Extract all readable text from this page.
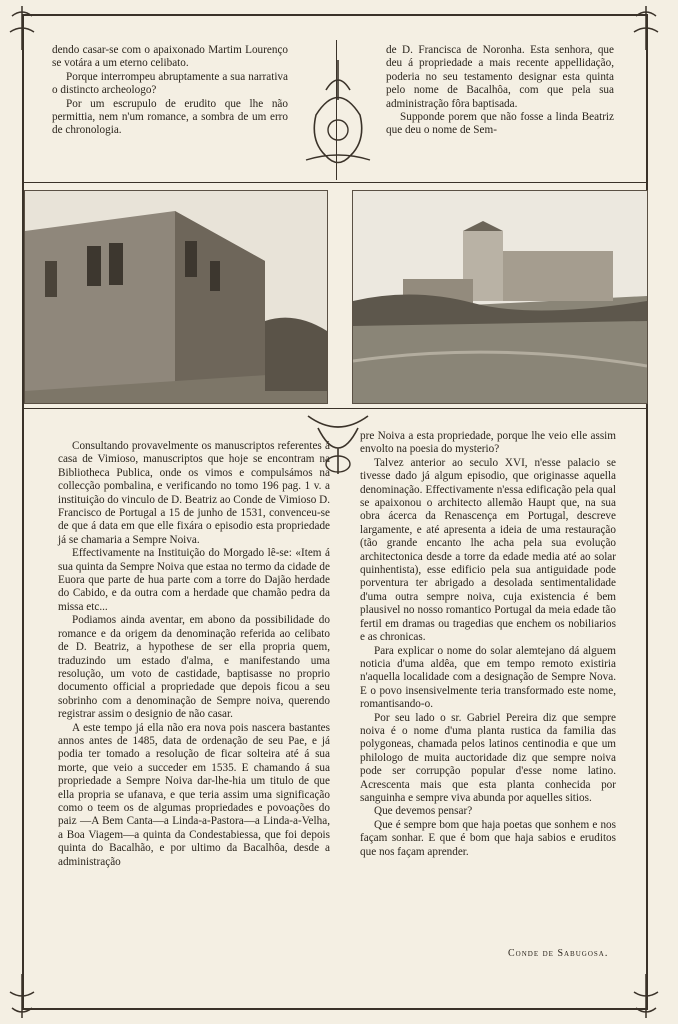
dendo casar-se com o apaixonado Martim Lourenço se votára a um eterno celibato.

Porque interrompeu abruptamente a sua narrativa o distincto archeologo?

Por um escrupulo de erudito que lhe não permittia, nem n'um romance, a sombra de um erro de chronologia.

de D. Francisca de Noronha. Esta senhora, que deu á propriedade a mais recente appellidação, poderia no seu testamento designar esta quinta pelo nome de Bacalhôa, com que pela sua administração fôra baptisada.

Supponde porem que não fosse a linda Beatriz que deu o nome de Sem-

Consultando provavelmente os manuscriptos referentes á casa de Vimioso, manuscriptos que hoje se encontram na Bibliotheca Publica, onde os vimos e compulsámos na collecção pombalina, e verificando no tomo 196 pag. 1 v. a instituição do vinculo de D. Beatriz ao Conde de Vimioso D. Francisco de Portugal a 15 de junho de 1531, convenceu-se de que á data em que elle fixára o episodio esta propriedade já se chamaria a Sempre Noiva.

Effectivamente na Instituição do Morgado lê-se: «Item á sua quinta da Sempre Noiva que estaa no termo da cidade de Euora que parte de hua parte com a torre do Dajão herdade do Cabido, e da outra com a herdade que chamão pedra da missa etc...

Podiamos ainda aventar, em abono da possibilidade do romance e da origem da denominação referida ao celibato de D. Beatriz, a hypothese de ser ella propria quem, traduzindo um estado d'alma, e manifestando uma resolução, um voto de castidade, baptisasse no proprio documento official a propriedade que depois ficou a seu sobrinho com a denominação de Sempre noiva, querendo registrar assim o designio de não casar.

A este tempo já ella não era nova pois nascera bastantes annos antes de 1485, data de ordenação de seu Pae, e já podia ter tomado a resolução de ficar solteira até á sua morte, que veio a succeder em 1535. E chamando á sua propriedade a Sempre Noiva dar-lhe-hia um titulo de que ella propria se ufanava, e que teria assim uma significação como o teem os de algumas propriedades e povoações do paiz —A Bem Canta—a Linda-a-Pastora—a Linda-a-Velha, a Boa Viagem—a quinta da Condestabiessa, que foi depois quinta do Bacalhão, e por ultimo da Bacalhôa, desde a administração

pre Noiva a esta propriedade, porque lhe veio elle assim envolto na poesia do mysterio?

Talvez anterior ao seculo XVI, n'esse palacio se tivesse dado já algum episodio, que originasse aquella denominação. Effectivamente n'essa edificação pela qual se apaixonou o architecto allemão Haupt que, na sua obra ácerca da Renascença em Portugal, descreve largamente, e até apresenta a ideia de uma restauração (tão grande encanto lhe acha pela sua evolução architectonica desde a torre da edade media até ao solar quinhentista), esse edificio pela sua antiguidade pode porventura ter abrigado a desolada sentimentalidade d'uma outra sempre noiva, cuja existencia é bem plausivel no nosso romantico Portugal da meia edade tão fertil em dramas ou tragedias que enchem os nobiliarios e as chronicas.

Para explicar o nome do solar alemtejano dá alguem noticia d'uma aldêa, que em tempo remoto existiria n'aquella localidade com a designação de Sempre Nova. E o povo insensivelmente teria transformado este nome, romantisando-o.

Por seu lado o sr. Gabriel Pereira diz que sempre noiva é o nome d'uma planta rustica da familia das polygoneas, chamada pelos latinos centinodia e que um philologo de muita auctoridade diz que sempre noiva pode ser corrupção popular d'esse nome latino. Acrescenta mais que esta planta conhecida por sanguinha e sempre viva abunda por aquelles sitios.

Que devemos pensar?

Que é sempre bom que haja poetas que sonhem e nos façam sonhar. E que é bom que haja sabios e eruditos que nos façam aprender.

Conde de Sabugosa.
